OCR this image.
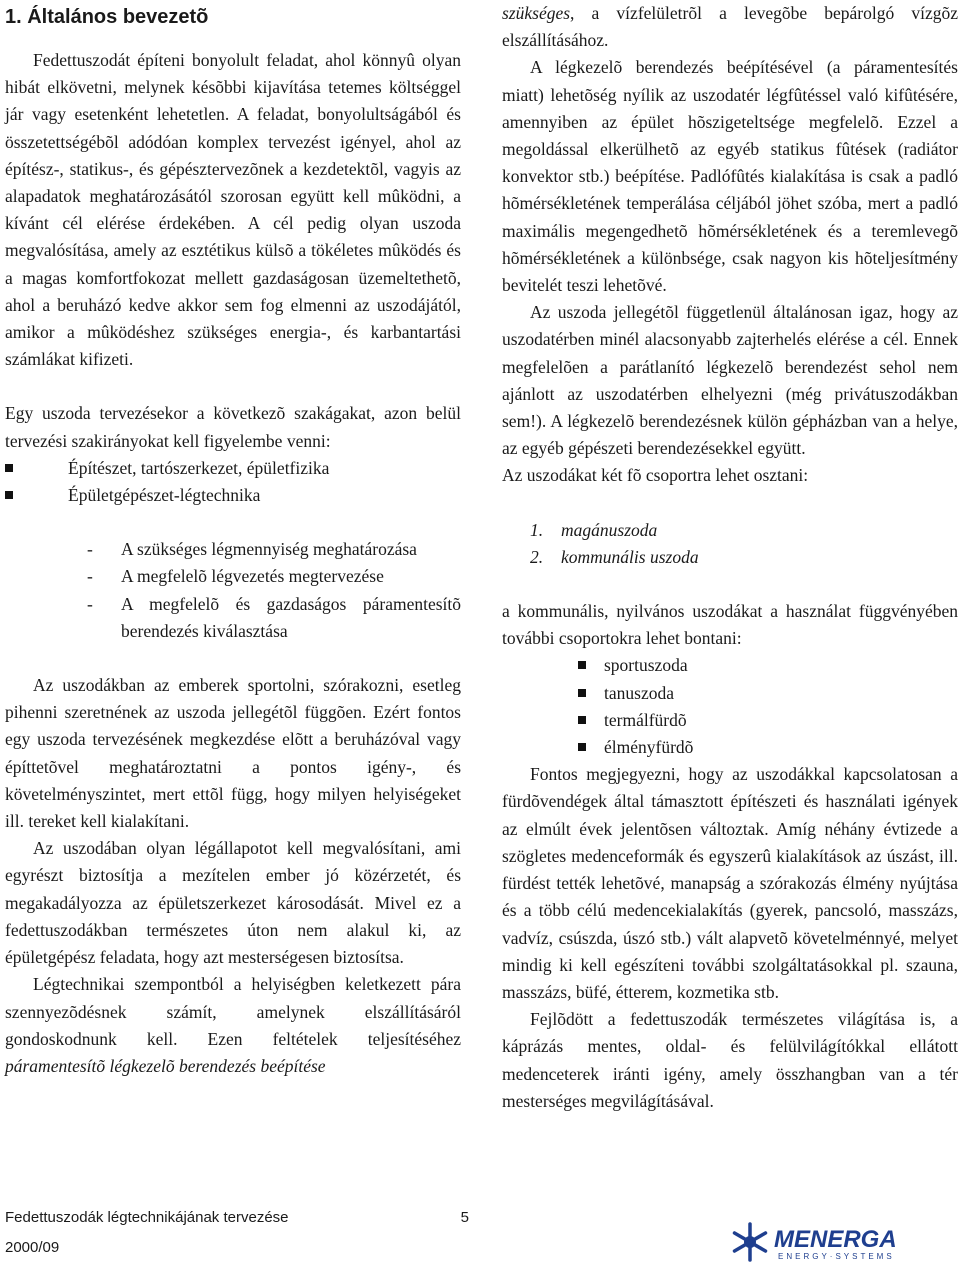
1. Általános bevezetõ

Fedettuszodát építeni bonyolult feladat, ahol könnyû olyan hibát elkövetni, melynek késõbbi kijavítása tetemes költséggel jár vagy esetenként lehetetlen. A feladat, bonyolultságából és összetettségébõl adódóan komplex tervezést igényel, ahol az építész-, statikus-, és gépésztervezõnek a kezdetektõl, vagyis az alapadatok meghatározásától szorosan együtt kell mûködni, a kívánt cél elérése érdekében. A cél pedig olyan uszoda megvalósítása, amely az esztétikus külsõ a tökéletes mûködés és a magas komfortfokozat mellett gazdaságosan üzemeltethetõ, ahol a beruházó kedve akkor sem fog elmenni az uszodájától, amikor a mûködéshez szükséges energia-, és karbantartási számlákat kifizeti.

Egy uszoda tervezésekor a következõ szakágakat, azon belül tervezési szakirányokat kell figyelembe venni:

Építészet, tartószerkezet, épületfizika
Épületgépészet-légtechnika
- A szükséges légmennyiség meghatározása
- A megfelelõ légvezetés megtervezése
- A megfelelõ és gazdaságos páramentesítõ berendezés kiválasztása

Az uszodákban az emberek sportolni, szórakozni, esetleg pihenni szeretnének az uszoda jellegétõl függõen. Ezért fontos egy uszoda tervezésének megkezdése elõtt a beruházóval vagy építtetõvel meghatároztatni a pontos igény-, és követelményszintet, mert ettõl függ, hogy milyen helyiségeket ill. tereket kell kialakítani.

Az uszodában olyan légállapotot kell megvalósítani, ami egyrészt biztosítja a mezítelen ember jó közérzetét, és megakadályozza az épületszerkezet károsodását. Mivel ez a fedettuszodákban természetes úton nem alakul ki, az épületgépész feladata, hogy azt mesterségesen biztosítsa.

Légtechnikai szempontból a helyiségben keletkezett pára szennyezõdésnek számít, amelynek elszállításáról gondoskodnunk kell. Ezen feltételek teljesítéséhez páramentesítõ légkezelõ berendezés beépítése

szükséges, a vízfelületrõl a levegõbe bepárolgó vízgõz elszállításához.

A légkezelõ berendezés beépítésével (a páramentesítés miatt) lehetõség nyílik az uszodatér légfûtéssel való kifûtésére, amennyiben az épület hõszigeteltsége megfelelõ. Ezzel a megoldással elkerülhetõ az egyéb statikus fûtések (radiátor konvektor stb.) beépítése. Padlófûtés kialakítása is csak a padló hõmérsékletének temperálása céljából jöhet szóba, mert a padló maximális megengedhetõ hõmérsékletének és a teremlevegõ hõmérsékletének a különbsége, csak nagyon kis hõteljesítmény bevitelét teszi lehetõvé.

Az uszoda jellegétõl függetlenül általánosan igaz, hogy az uszodatérben minél alacsonyabb zajterhelés elérése a cél. Ennek megfelelõen a parátlanító légkezelõ berendezést sehol nem ajánlott az uszodatérben elhelyezni (még privátuszodákban sem!). A légkezelõ berendezésnek külön gépházban van a helye, az egyéb gépészeti berendezésekkel együtt.

Az uszodákat két fõ csoportra lehet osztani:

1. magánuszoda
2. kommunális uszoda

a kommunális, nyilvános uszodákat a használat függvényében további csoportokra lehet bontani:

sportuszoda
tanuszoda
termálfürdõ
élményfürdõ

Fontos megjegyezni, hogy az uszodákkal kapcsolatosan a fürdõvendégek által támasztott építészeti és használati igények az elmúlt évek jelentõsen változtak. Amíg néhány évtizede a szögletes medenceformák és egyszerû kialakítások az úszást, ill. fürdést tették lehetõvé, manapság a szórakozás élmény nyújtása és a több célú medencekialakítás (gyerek, pancsoló, masszázs, vadvíz, csúszda, úszó stb.) vált alapvetõ követelménnyé, melyet mindig ki kell egészíteni további szolgáltatásokkal pl. szauna, masszázs, büfé, étterem, kozmetika stb.

Fejlõdött a fedettuszodák természetes világítása is, a káprázás mentes, oldal- és felülvilágítókkal ellátott medenceterek iránti igény, amely összhangban van a tér mesterséges megvilágításával.

Fedettuszodák légtechnikájának tervezése	5
2000/09	MENERGA
ENERGY·SYSTEMS
